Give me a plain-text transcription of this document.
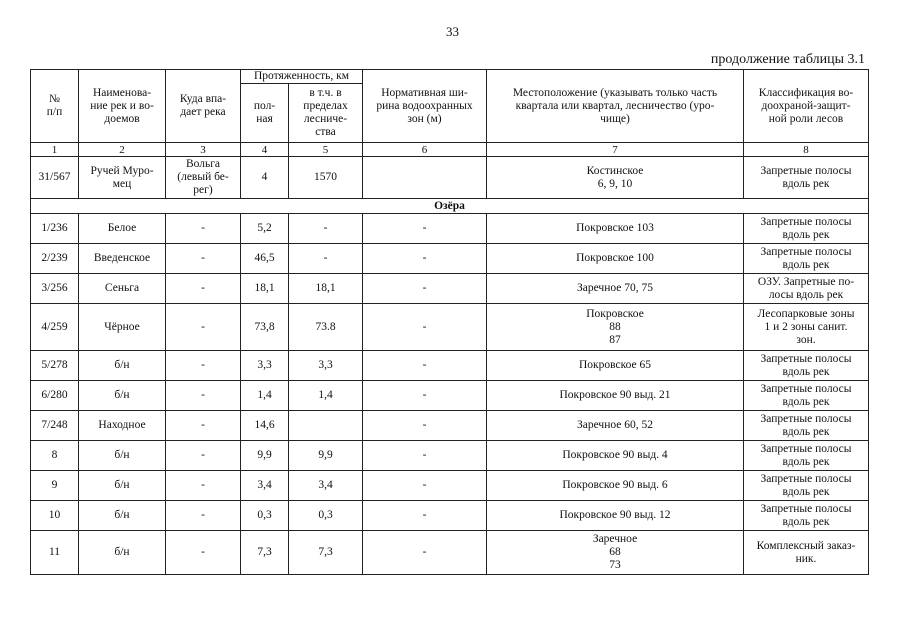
33
продолжение таблицы 3.1
№
п/п	Наименова-
ние рек и во-
доемов	Куда впа-
дает река	Протяженность, км		Нормативная ши-
рина водоохранных
зон (м)	Местоположение (указывать только часть
квартала или квартал, лесничество (уро-
чище)	Классификация во-
доохраной-защит-
ной роли лесов
			пол-
ная	в т.ч. в
пределах
лесниче-
ства			
1	2	3	4	5	6	7	8
31/567	Ручей Муро-
мец	Вольга
(левый бе-
рег)	4	1570		Костинское
6, 9, 10	Запретные полосы
вдоль рек
Озёра							
1/236	Белое	-	5,2	-	-	Покровское 103	Запретные полосы
вдоль рек
2/239	Введенское	-	46,5	-	-	Покровское 100	Запретные полосы
вдоль рек
3/256	Сеньга	-	18,1	18,1	-	Заречное 70, 75	ОЗУ. Запретные по-
лосы вдоль рек
4/259	Чёрное	-	73,8	73.8	-	Покровское
88
87	Лесопарковые зоны
1 и 2 зоны санит.
зон.
5/278	б/н	-	3,3	3,3	-	Покровское 65	Запретные полосы
вдоль рек
6/280	б/н	-	1,4	1,4	-	Покровское 90 выд. 21	Запретные полосы
вдоль рек
7/248	Находное	-	14,6		-	Заречное 60, 52	Запретные полосы
вдоль рек
8	б/н	-	9,9	9,9	-	Покровское 90 выд. 4	Запретные полосы
вдоль рек
9	б/н	-	3,4	3,4	-	Покровское 90 выд. 6	Запретные полосы
вдоль рек
10	б/н	-	0,3	0,3	-	Покровское 90 выд. 12	Запретные полосы
вдоль рек
11	б/н	-	7,3	7,3	-	Заречное
68
73	Комплексный заказ-
ник.
